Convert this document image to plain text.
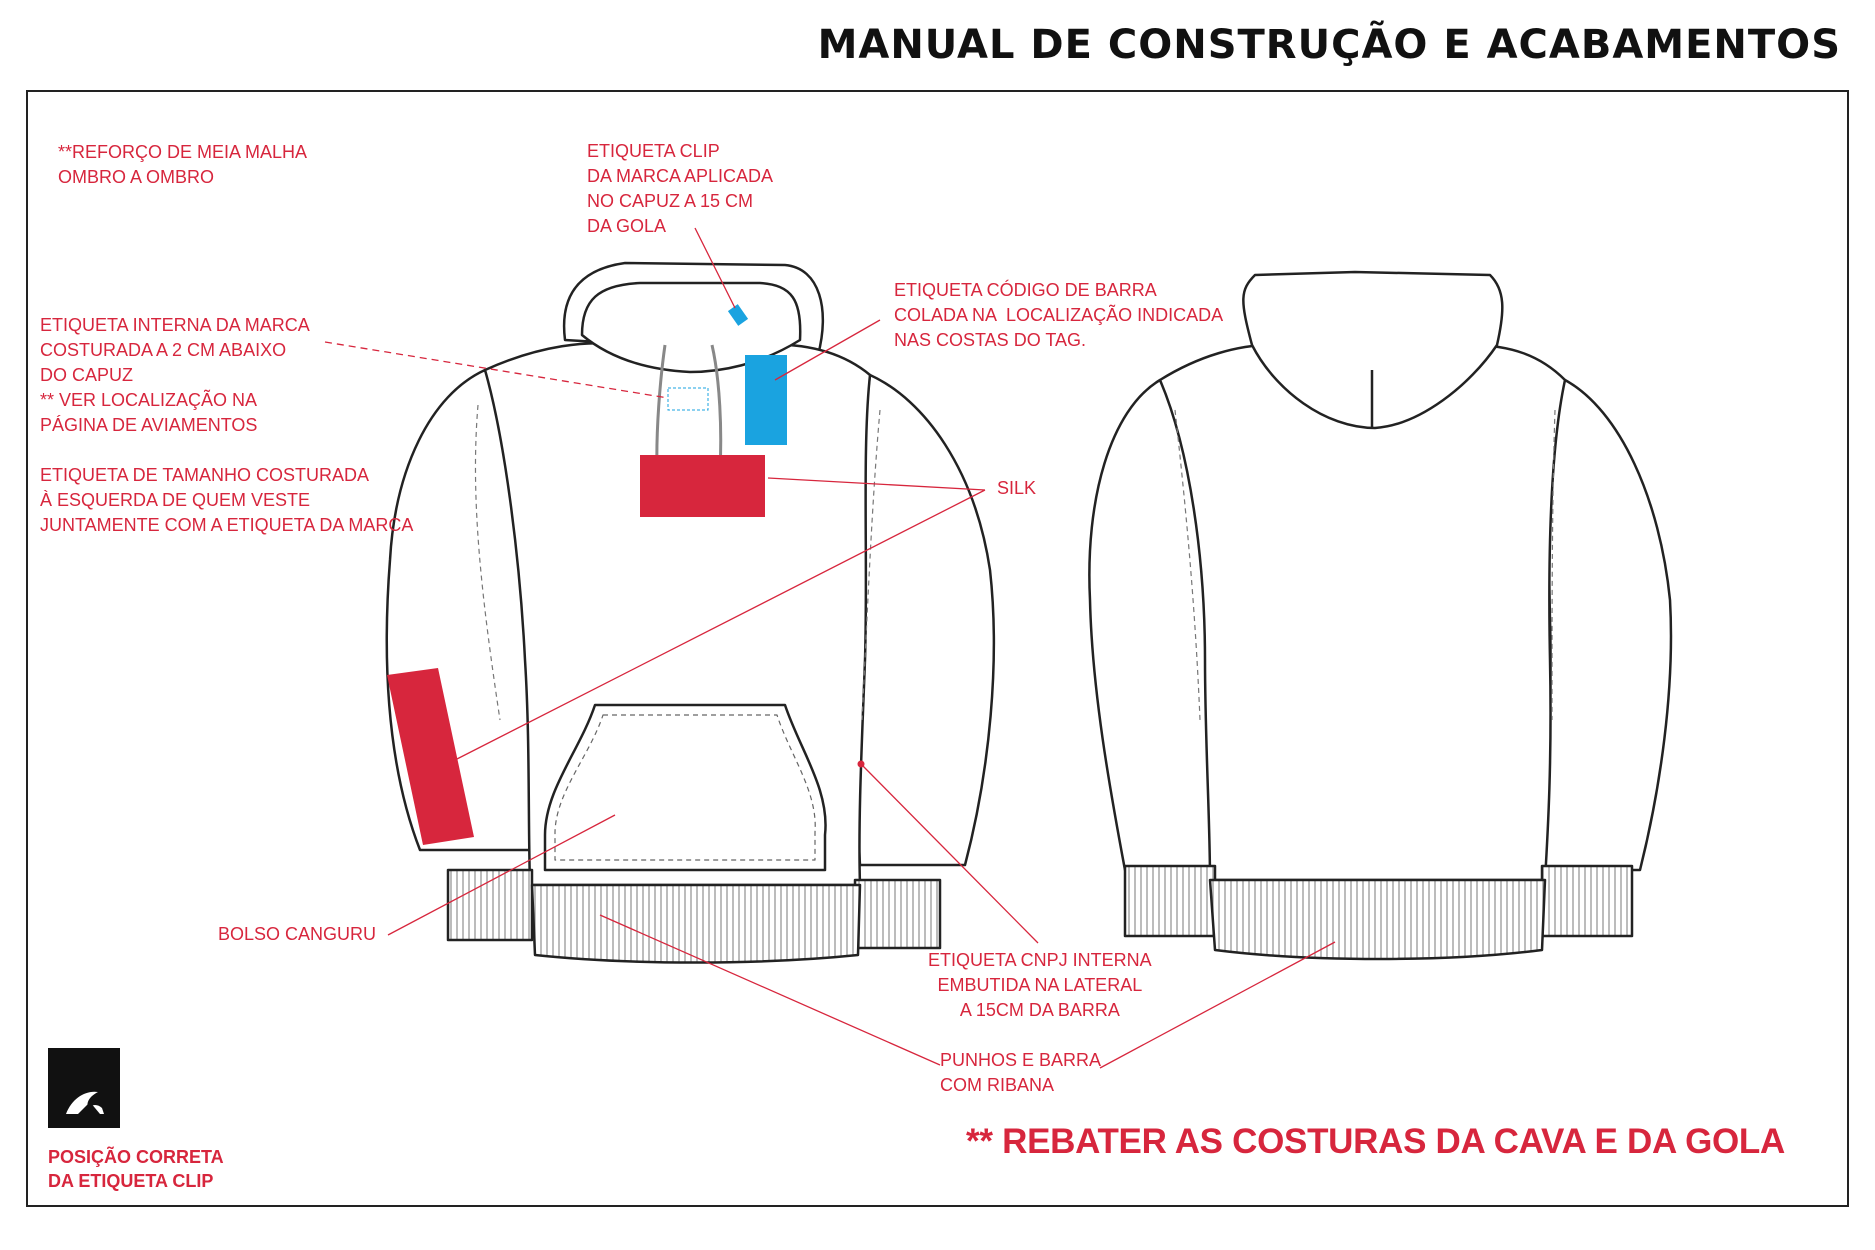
MANUAL DE CONSTRUÇÃO E ACABAMENTOS
**REFORÇO DE MEIA MALHA
OMBRO A OMBRO
ETIQUETA CLIP
DA MARCA APLICADA
NO CAPUZ A 15 CM
DA GOLA
ETIQUETA INTERNA DA MARCA
COSTURADA A 2 CM ABAIXO
DO CAPUZ
** VER LOCALIZAÇÃO NA
PÁGINA DE AVIAMENTOS
ETIQUETA DE TAMANHO COSTURADA
À ESQUERDA DE QUEM VESTE
JUNTAMENTE COM A ETIQUETA DA MARCA
ETIQUETA CÓDIGO DE BARRA
COLADA NA  LOCALIZAÇÃO INDICADA
NAS COSTAS DO TAG.
SILK
BOLSO CANGURU
ETIQUETA CNPJ INTERNA
EMBUTIDA NA LATERAL
A 15CM DA BARRA
PUNHOS E BARRA
COM RIBANA
** REBATER AS COSTURAS DA CAVA E DA GOLA
POSIÇÃO CORRETA
DA ETIQUETA CLIP
